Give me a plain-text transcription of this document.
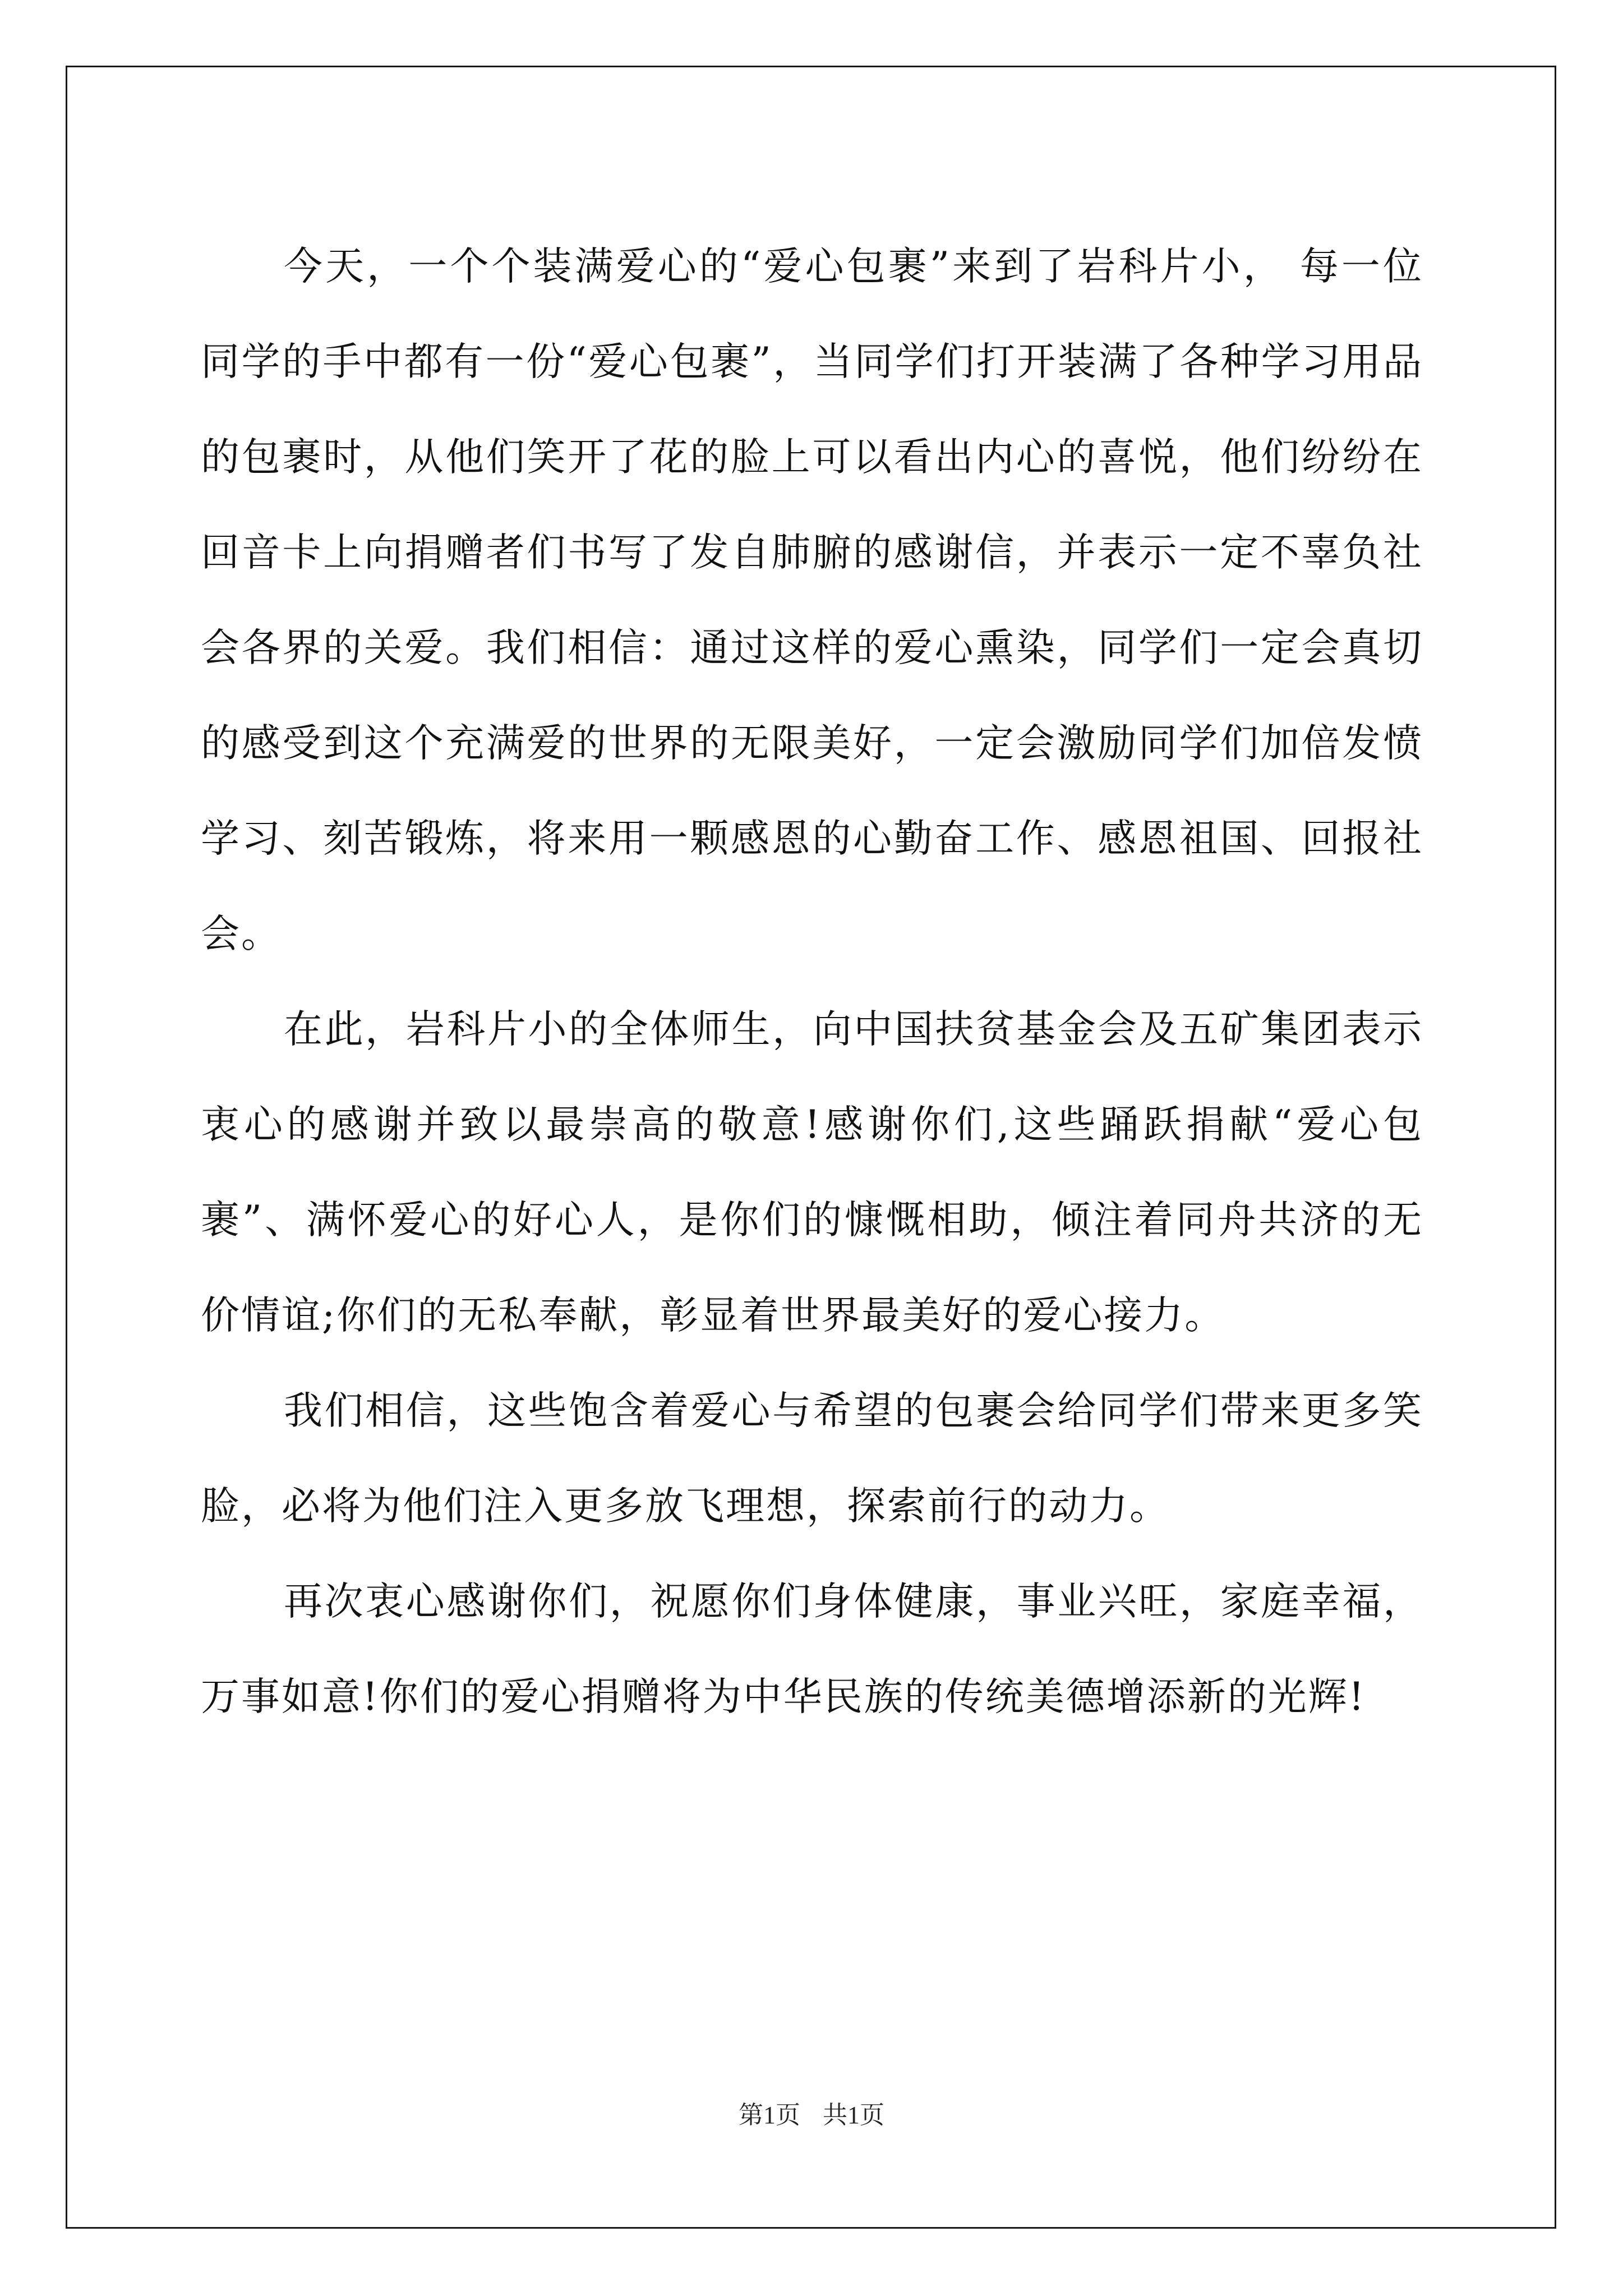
今天，一个个装满爱心的“爱心包裹”来到了岩科片小， 每一位同学的手中都有一份“爱心包裹”，当同学们打开装满了各种学习用品的包裹时，从他们笑开了花的脸上可以看出内心的喜悦，他们纷纷在回音卡上向捐赠者们书写了发自肺腑的感谢信，并表示一定不辜负社会各界的关爱。我们相信：通过这样的爱心熏染，同学们一定会真切的感受到这个充满爱的世界的无限美好，一定会激励同学们加倍发愤学习、刻苦锻炼，将来用一颗感恩的心勤奋工作、感恩祖国、回报社会。

在此，岩科片小的全体师生，向中国扶贫基金会及五矿集团表示衷心的感谢并致以最崇高的敬意!感谢你们,这些踊跃捐献“爱心包裹”、满怀爱心的好心人，是你们的慷慨相助，倾注着同舟共济的无价情谊;你们的无私奉献，彰显着世界最美好的爱心接力。

我们相信，这些饱含着爱心与希望的包裹会给同学们带来更多笑脸，必将为他们注入更多放飞理想，探索前行的动力。

再次衷心感谢你们，祝愿你们身体健康，事业兴旺，家庭幸福，万事如意!你们的爱心捐赠将为中华民族的传统美德增添新的光辉!

第1页 共1页
